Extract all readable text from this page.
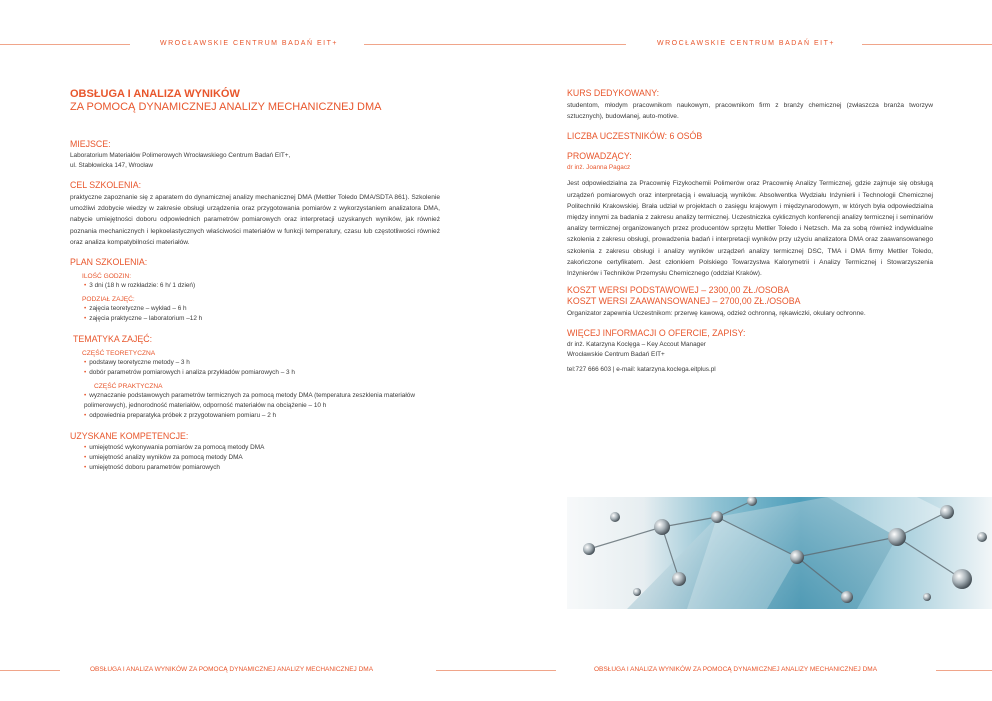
WROCŁAWSKIE CENTRUM BADAŃ EIT+
OBSŁUGA I ANALIZA WYNIKÓW
ZA POMOCĄ DYNAMICZNEJ ANALIZY MECHANICZNEJ DMA
MIEJSCE:
Laboratorium Materiałów Polimerowych Wrocławskiego Centrum Badań EIT+,
ul. Stabłowicka 147, Wrocław
CEL SZKOLENIA:
praktyczne zapoznanie się z aparatem do dynamicznej analizy mechanicznej DMA (Mettler Toledo DMA/SDTA 861). Szkolenie umożliwi zdobycie wiedzy w zakresie obsługi urządzenia oraz przygotowania pomiarów z wykorzystaniem analizatora DMA, nabycie umiejętności doboru odpowiednich parametrów pomiarowych oraz interpretacji uzyskanych wyników, jak również poznania mechanicznych i lepkoelastycznych właściwości materiałów w funkcji temperatury, czasu lub częstotliwości również oraz analiza kompatybilności materiałów.
PLAN SZKOLENIA:
ILOŚĆ GODZIN:
• 3 dni (18 h w rozkładzie: 6 h/ 1 dzień)
PODZIAŁ ZAJĘĆ:
• zajęcia teoretyczne – wykład – 6 h
• zajęcia praktyczne – laboratorium –12 h
TEMATYKA ZAJĘĆ:
CZĘŚĆ TEORETYCZNA
• podstawy teoretyczne metody – 3 h
• dobór parametrów pomiarowych i analiza przykładów pomiarowych – 3 h
CZĘŚĆ PRAKTYCZNA
• wyznaczanie podstawowych parametrów termicznych za pomocą metody DMA (temperatura zeszklenia materiałów polimerowych), jednorodność materiałów, odporność materiałów na obciążenie – 10 h
• odpowiednia preparatyka próbek z przygotowaniem pomiaru – 2 h
UZYSKANE KOMPETENCJE:
• umiejętność wykonywania pomiarów za pomocą metody DMA
• umiejętność analizy wyników za pomocą metody DMA
• umiejętność doboru parametrów pomiarowych
OBSŁUGA I ANALIZA WYNIKÓW ZA POMOCĄ DYNAMICZNEJ ANALIZY MECHANICZNEJ DMA
WROCŁAWSKIE CENTRUM BADAŃ EIT+
KURS DEDYKOWANY:
studentom, młodym pracownikom naukowym, pracownikom firm z branży chemicznej (zwłaszcza branża tworzyw sztucznych), budowlanej, auto-motive.
LICZBA UCZESTNIKÓW: 6 OSÓB
PROWADZĄCY:
dr inż. Joanna Pagacz
Jest odpowiedzialna za Pracownię Fizykochemii Polimerów oraz Pracownię Analizy Termicznej, gdzie zajmuje się obsługą urządzeń pomiarowych oraz interpretacją i ewaluacją wyników. Absolwentka Wydziału Inżynierii i Technologii Chemicznej Politechniki Krakowskiej. Brała udział w projektach o zasięgu krajowym i międzynarodowym, w których była odpowiedzialna między innymi za badania z zakresu analizy termicznej. Uczestniczka cyklicznych konferencji analizy termicznej i seminariów analizy termicznej organizowanych przez producentów sprzętu Mettler Toledo i Netzsch. Ma za sobą również indywidualne szkolenia z zakresu obsługi, prowadzenia badań i interpretacji wyników przy użyciu analizatora DMA oraz zaawansowanego szkolenia z zakresu obsługi i analizy wyników urządzeń analizy termicznej DSC, TMA i DMA firmy Mettler Toledo, zakończone certyfikatem. Jest członkiem Polskiego Towarzystwa Kalorymetrii i Analizy Termicznej i Stowarzyszenia Inżynierów i Techników Przemysłu Chemicznego (oddział Kraków).
KOSZT WERSI PODSTAWOWEJ – 2300,00 ZŁ./OSOBA
KOSZT WERSI ZAAWANSOWANEJ – 2700,00 ZŁ./OSOBA
Organizator zapewnia Uczestnikom: przerwę kawową, odzież ochronną, rękawiczki, okulary ochronne.
WIĘCEJ INFORMACJI O OFERCIE, ZAPISY:
dr inż. Katarzyna Koclęga – Key Accout Manager
Wrocławskie Centrum Badań EIT+
tel:727 666 603 | e-mail: katarzyna.koclega.eitplus.pl
OBSŁUGA I ANALIZA WYNIKÓW ZA POMOCĄ DYNAMICZNEJ ANALIZY MECHANICZNEJ DMA
